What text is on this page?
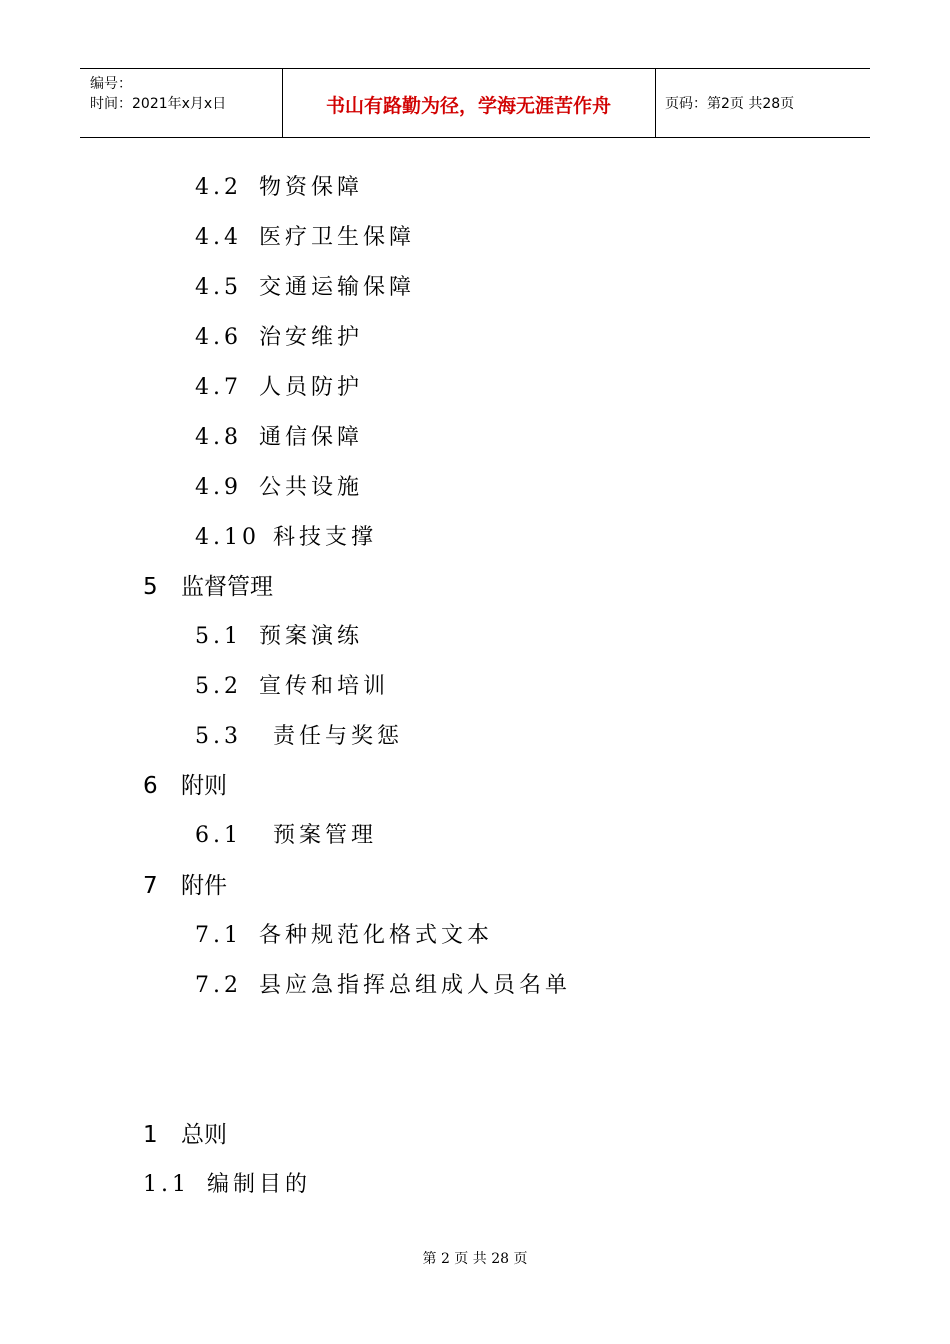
编号：
时间：2021年x月x日	书山有路勤为径，学海无涯苦作舟	页码：第2页 共28页
4.2 物资保障
4.4 医疗卫生保障
4.5 交通运输保障
4.6 治安维护
4.7 人员防护
4.8 通信保障
4.9 公共设施
4.10 科技支撑
5 监督管理
5.1 预案演练
5.2 宣传和培训
5.3 责任与奖惩
6 附则
6.1 预案管理
7 附件
7.1 各种规范化格式文本
7.2 县应急指挥总组成人员名单
1 总则
1.1 编制目的
第 2 页 共 28 页
